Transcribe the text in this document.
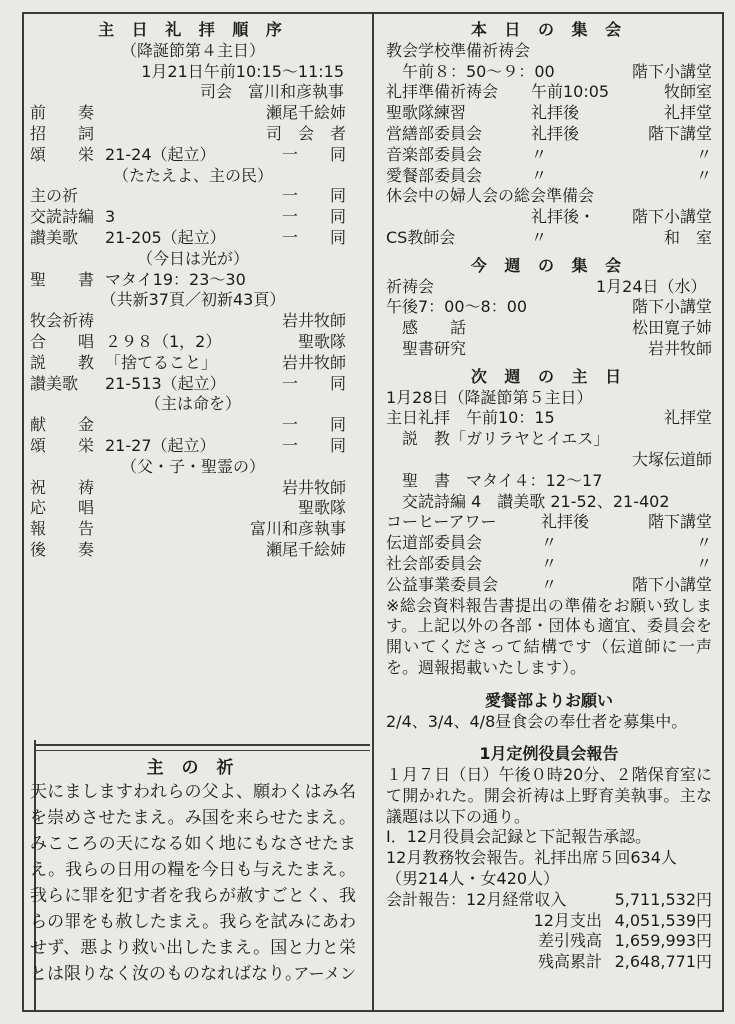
主 日 礼 拝 順 序
（降誕節第４主日）
1月21日午前10:15～11:15
司会　富川和彦執事
前　　奏	瀬尾千絵姉
招　　詞	司　会　者
頌　　栄 21-24（起立）	一　　同
（たたえよ、主の民）
主の祈	一　　同
交読詩編 3	一　　同
讃美歌	21-205（起立）	一　　同
（今日は光が）
聖　　書 マタイ19：23～30
（共新37頁／初新43頁）
牧会祈祷	岩井牧師
合　　唱 ２９８（1，2）	聖歌隊
説　　教 「捨てること」	岩井牧師
讃美歌	21-513（起立）	一　　同
（主は命を）
献　　金	一　　同
頌　　栄 21-27（起立）	一　　同
（父・子・聖霊の）
祝　　祷	岩井牧師
応　　唱	聖歌隊
報　　告	富川和彦執事
後　　奏	瀬尾千絵姉
主 の 祈
天にましますわれらの父よ、願わくはみ名を崇めさせたまえ。み国を来らせたまえ。みこころの天になる如く地にもなさせたまえ。我らの日用の糧を今日も与えたまえ。我らに罪を犯す者を我らが赦すごとく、我らの罪をも赦したまえ。我らを試みにあわせず、悪より救い出したまえ。国と力と栄とは限りなく汝のものなればなり。
アーメン
本 日 の 集 会
教会学校準備祈祷会
　午前８：50～９：00	階下小講堂
礼拝準備祈祷会	午前10:05	牧師室
聖歌隊練習	礼拝後	礼拝堂
営繕部委員会	礼拝後	階下講堂
音楽部委員会	〃	〃
愛餐部委員会	〃	〃
休会中の婦人会の総会準備会
礼拝後・ 階下小講堂
CS教師会	〃	和　室
今 週 の 集 会
祈祷会	1月24日（水）
午後7：00～8：00	階下小講堂
　感　　話	松田寛子姉
　聖書研究	岩井牧師
次 週 の 主 日
1月28日（降誕節第５主日）
主日礼拝　午前10：15	礼拝堂
　説　教「ガリラヤとイエス」
大塚伝道師
　聖　書　マタイ４：12～17
　交読詩編 4　讃美歌 21-52、21-402
コーヒーアワー	礼拝後	階下講堂
伝道部委員会	〃	〃
社会部委員会	〃	〃
公益事業委員会	〃	階下小講堂
※総会資料報告書提出の準備をお願い致します。上記以外の各部・団体も適宜、委員会を開いてくださって結構です（伝道師に一声を。週報掲載いたします）。
愛餐部よりお願い
2/4、3/4、4/8昼食会の奉仕者を募集中。
1月定例役員会報告
１月７日（日）午後０時20分、２階保育室にて開かれた。開会祈祷は上野育美執事。主な議題は以下の通り。
Ⅰ．12月役員会記録と下記報告承認。
12月教務牧会報告。礼拝出席５回634人
（男214人・女420人）
会計報告：12月経常収入	5,711,532円
12月支出 4,051,539円
差引残高 1,659,993円
残高累計 2,648,771円
